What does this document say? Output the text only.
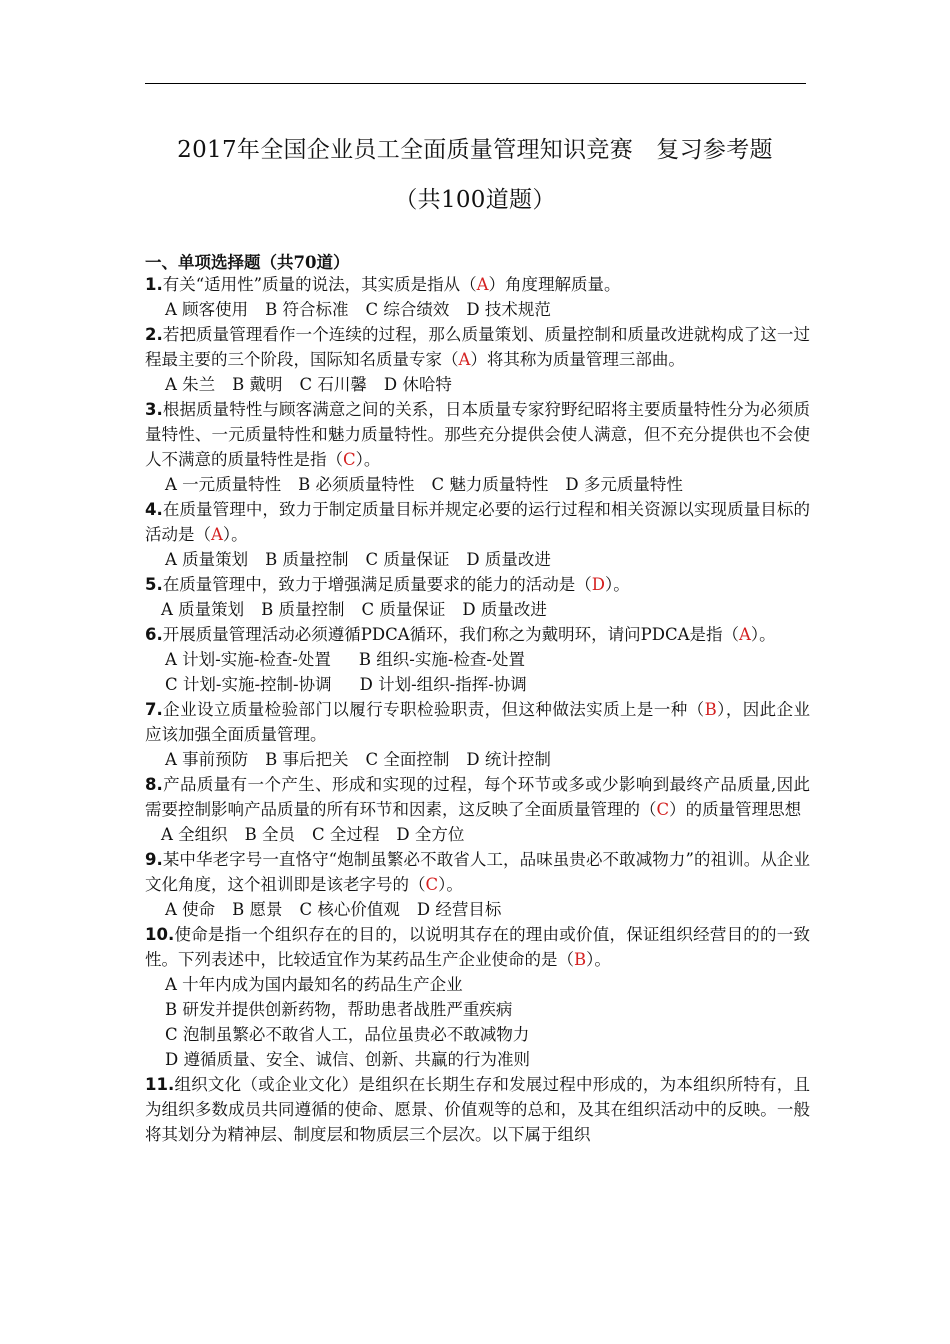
2017年全国企业员工全面质量管理知识竞赛　复习参考题
（共100道题）
一、单项选择题（共70道）

1.有关“适用性”质量的说法，其实质是指从（A）角度理解质量。

A 顾客使用 B 符合标准 C 综合绩效 D 技术规范

2.若把质量管理看作一个连续的过程，那么质量策划、质量控制和质量改进就构成了这一过程最主要的三个阶段，国际知名质量专家（A）将其称为质量管理三部曲。

A 朱兰 B 戴明 C 石川馨 D 休哈特

3.根据质量特性与顾客满意之间的关系，日本质量专家狩野纪昭将主要质量特性分为必须质量特性、一元质量特性和魅力质量特性。那些充分提供会使人满意，但不充分提供也不会使人不满意的质量特性是指（C）。

A 一元质量特性 B 必须质量特性 C 魅力质量特性 D 多元质量特性

4.在质量管理中，致力于制定质量目标并规定必要的运行过程和相关资源以实现质量目标的活动是（A）。

A 质量策划 B 质量控制 C 质量保证 D 质量改进

5.在质量管理中，致力于增强满足质量要求的能力的活动是（D）。

A 质量策划 B 质量控制 C 质量保证 D 质量改进

6.开展质量管理活动必须遵循PDCA循环，我们称之为戴明环，请问PDCA是指（A）。

A 计划-实施-检查-处置 B 组织-实施-检查-处置

C 计划-实施-控制-协调 D 计划-组织-指挥-协调

7.企业设立质量检验部门以履行专职检验职责，但这种做法实质上是一种（B），因此企业应该加强全面质量管理。

A 事前预防 B 事后把关 C 全面控制 D 统计控制

8.产品质量有一个产生、形成和实现的过程，每个环节或多或少影响到最终产品质量,因此需要控制影响产品质量的所有环节和因素，这反映了全面质量管理的（C）的质量管理思想

A 全组织 B 全员 C 全过程 D 全方位

9.某中华老字号一直恪守“炮制虽繁必不敢省人工，品味虽贵必不敢减物力”的祖训。从企业文化角度，这个祖训即是该老字号的（C）。

A 使命 B 愿景 C 核心价值观 D 经营目标

10.使命是指一个组织存在的目的，以说明其存在的理由或价值，保证组织经营目的的一致性。下列表述中，比较适宜作为某药品生产企业使命的是（B）。

A 十年内成为国内最知名的药品生产企业

B 研发并提供创新药物，帮助患者战胜严重疾病

C 泡制虽繁必不敢省人工，品位虽贵必不敢减物力

D 遵循质量、安全、诚信、创新、共赢的行为准则

11.组织文化（或企业文化）是组织在长期生存和发展过程中形成的，为本组织所特有，且为组织多数成员共同遵循的使命、愿景、价值观等的总和，及其在组织活动中的反映。一般将其划分为精神层、制度层和物质层三个层次。以下属于组织
